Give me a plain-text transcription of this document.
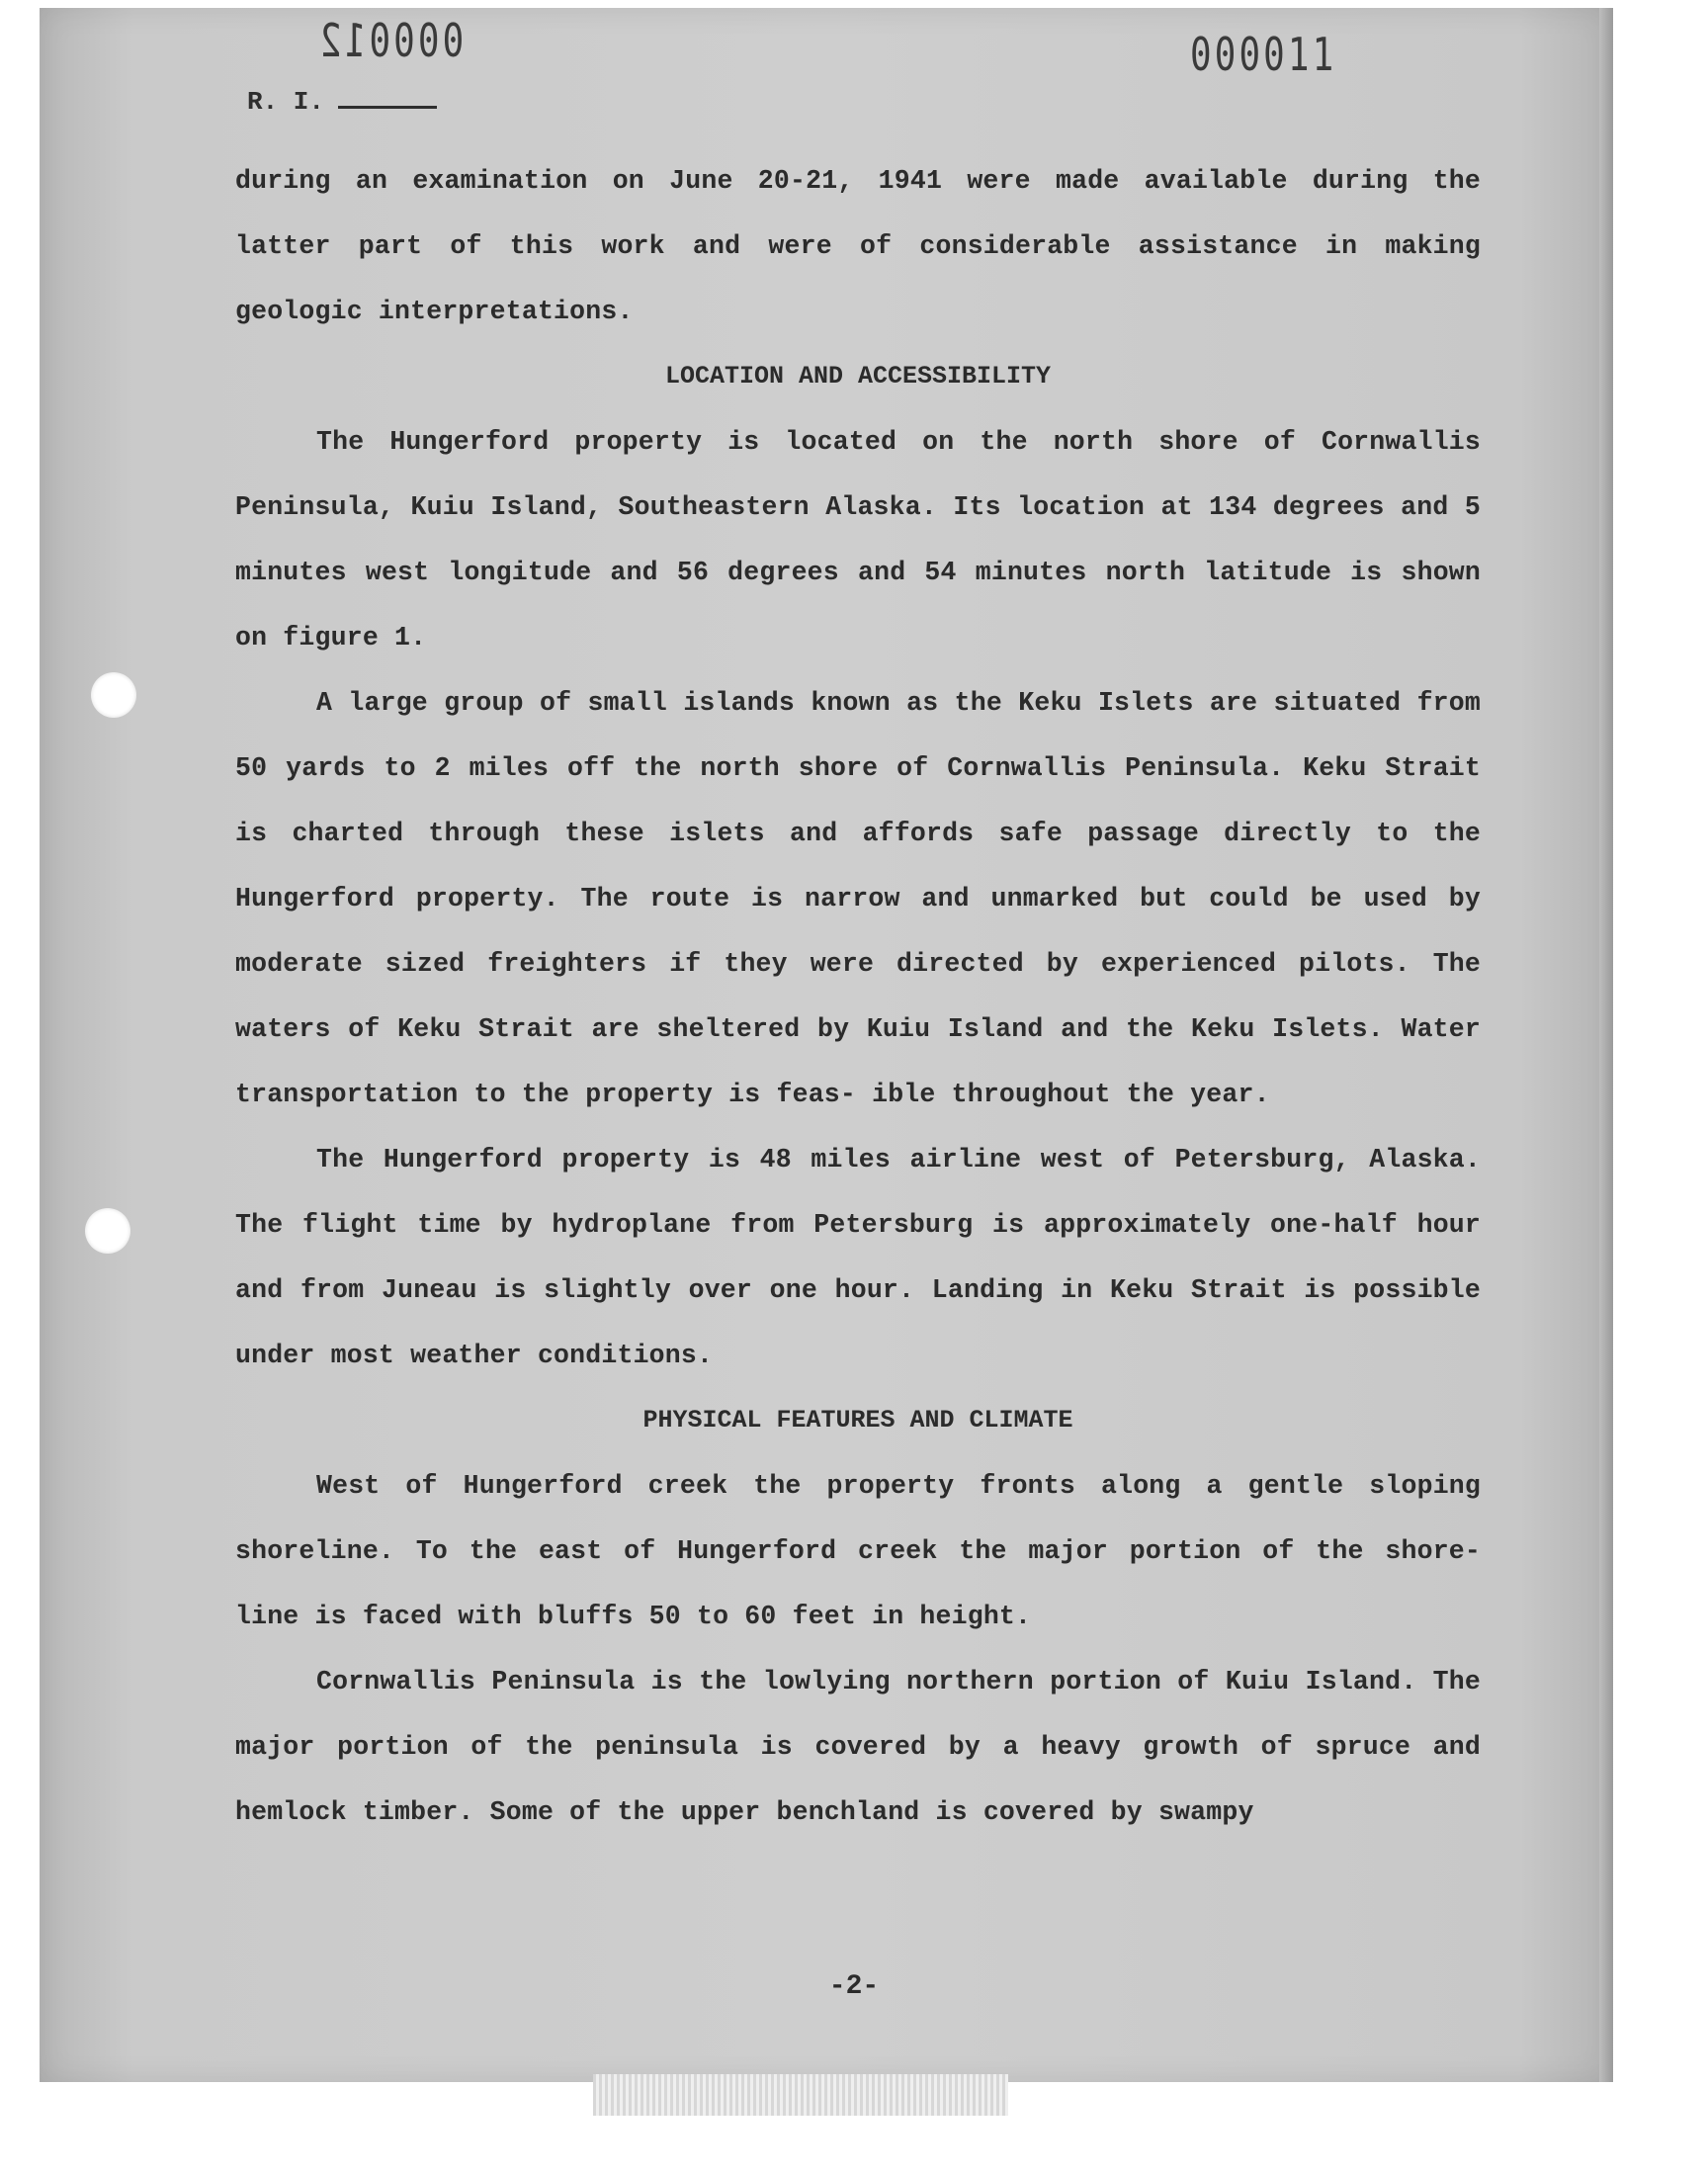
000012	000011
R. I.

during an examination on June 20-21, 1941 were made available during the latter part of this work and were of considerable assistance in making geologic interpretations.

LOCATION AND ACCESSIBILITY

The Hungerford property is located on the north shore of Cornwallis Peninsula, Kuiu Island, Southeastern Alaska. Its location at 134 degrees and 5 minutes west longitude and 56 degrees and 54 minutes north latitude is shown on figure 1.

A large group of small islands known as the Keku Islets are situated from 50 yards to 2 miles off the north shore of Cornwallis Peninsula. Keku Strait is charted through these islets and affords safe passage directly to the Hungerford property. The route is narrow and unmarked but could be used by moderate sized freighters if they were directed by experienced pilots. The waters of Keku Strait are sheltered by Kuiu Island and the Keku Islets. Water transportation to the property is feas- ible throughout the year.

The Hungerford property is 48 miles airline west of Petersburg, Alaska. The flight time by hydroplane from Petersburg is approximately one-half hour and from Juneau is slightly over one hour. Landing in Keku Strait is possible under most weather conditions.

PHYSICAL FEATURES AND CLIMATE

West of Hungerford creek the property fronts along a gentle sloping shoreline. To the east of Hungerford creek the major portion of the shore- line is faced with bluffs 50 to 60 feet in height.

Cornwallis Peninsula is the lowlying northern portion of Kuiu Island. The major portion of the peninsula is covered by a heavy growth of spruce and hemlock timber. Some of the upper benchland is covered by swampy

-2-
